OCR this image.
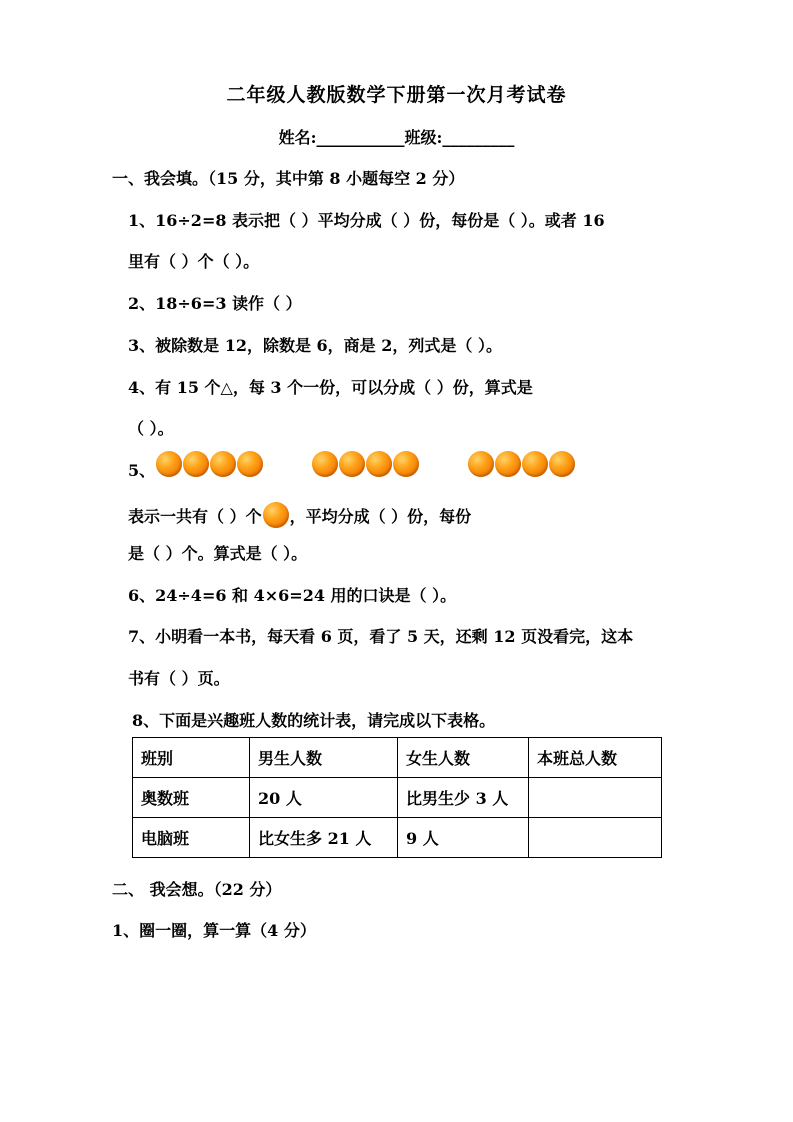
二年级人教版数学下册第一次月考试卷
姓名:___________班级:_________
一、我会填。（15 分，其中第 8 小题每空 2 分）
1、16÷2=8 表示把（ ）平均分成（ ）份，每份是（ ）。或者 16
里有（ ）个（ ）。
2、18÷6=3 读作（ ）
3、被除数是 12，除数是 6，商是 2，列式是（ ）。
4、有 15 个△，每 3 个一份，可以分成（ ）份，算式是
（ ）。
5、
表示一共有（ ）个 ，平均分成（ ）份，每份
是（ ）个。算式是（ ）。
6、24÷4=6 和 4×6=24 用的口诀是（ ）。
7、小明看一本书，每天看 6 页，看了 5 天，还剩 12 页没看完，这本
书有（ ）页。
8、下面是兴趣班人数的统计表，请完成以下表格。
班别	男生人数	女生人数	本班总人数
奥数班	20 人	比男生少 3 人	
电脑班	比女生多 21 人	9 人	
二、 我会想。（22 分）
1、圈一圈，算一算（4 分）
